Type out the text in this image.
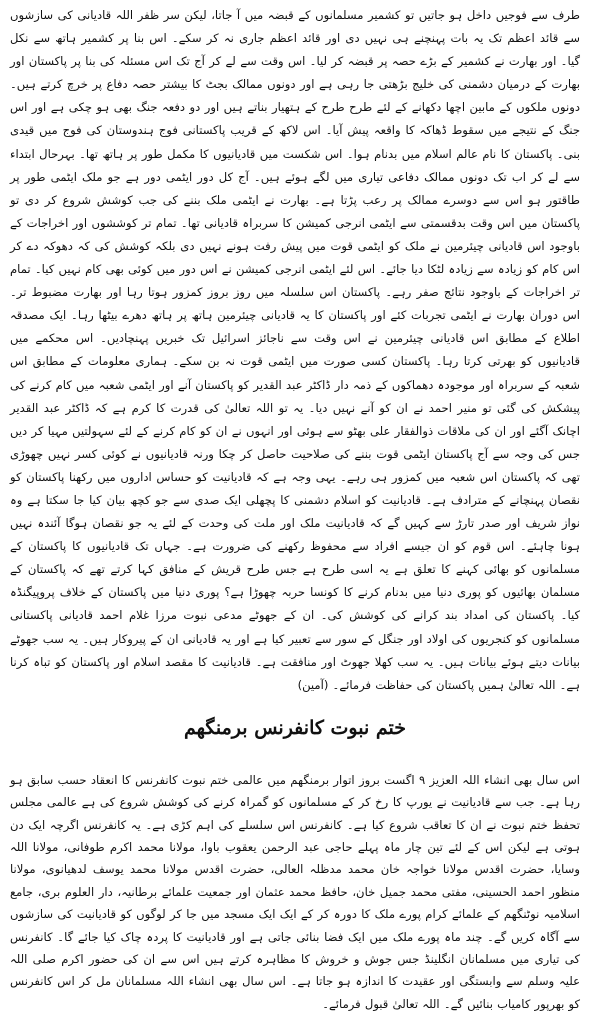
طرف سے فوجیں داخل ہو جاتیں تو کشمیر مسلمانوں کے قبضہ میں آ جاتا، لیکن سر ظفر اللہ قادیانی کی سازشوں سے قائد اعظم تک یہ بات پہنچنے ہی نہیں دی اور قائد اعظم جاری نہ کر سکے۔ اس بنا پر کشمیر ہاتھ سے نکل گیا۔ اور بھارت نے کشمیر کے بڑے حصہ پر قبضہ کر لیا۔ اس وقت سے لے کر آج تک اس مسئلہ کی بنا پر پاکستان اور بھارت کے درمیان دشمنی کی خلیج بڑھتی جا رہی ہے اور دونوں ممالک بجٹ کا بیشتر حصہ دفاع پر خرچ کرتے ہیں۔ دونوں ملکوں کے مابین اچھا دکھانے کے لئے طرح طرح کے ہتھیار بناتے ہیں اور دو دفعہ جنگ بھی ہو چکی ہے اور اس جنگ کے نتیجے میں سقوط ڈھاکہ کا واقعہ پیش آیا۔ اس لاکھ کے قریب پاکستانی فوج ہندوستان کی فوج میں قیدی بنی۔ پاکستان کا نام عالم اسلام میں بدنام ہوا۔ اس شکست میں قادیانیوں کا مکمل طور پر ہاتھ تھا۔ بہرحال ابتداء سے لے کر اب تک دونوں ممالک دفاعی تیاری میں لگے ہوئے ہیں۔ آج کل دور ایٹمی دور ہے جو ملک ایٹمی طور پر طاقتور ہو اس سے دوسرے ممالک پر رعب پڑتا ہے۔ بھارت نے ایٹمی ملک بننے کی جب کوشش شروع کر دی تو پاکستان میں اس وقت بدقسمتی سے ایٹمی انرجی کمیشن کا سربراہ قادیانی تھا۔ تمام تر کوششوں اور اخراجات کے باوجود اس قادیانی چیئرمین نے ملک کو ایٹمی قوت میں پیش رفت ہونے نہیں دی بلکہ کوشش کی کہ دھوکہ دے کر اس کام کو زیادہ سے زیادہ لٹکا دیا جائے۔ اس لئے ایٹمی انرجی کمیشن نے اس دور میں کوئی بھی کام نہیں کیا۔ تمام تر اخراجات کے باوجود نتائج صفر رہے۔ پاکستان اس سلسلہ میں روز بروز کمزور ہوتا رہا اور بھارت مضبوط تر۔ اس دوران بھارت نے ایٹمی تجربات کئے اور پاکستان کا یہ قادیانی چیئرمین ہاتھ پر ہاتھ دھرے بیٹھا رہا۔ ایک مصدقہ اطلاع کے مطابق اس قادیانی چیئرمین نے اس وقت سے ناجائز اسرائیل تک خبریں پہنچادیں۔ اس محکمے میں قادیانیوں کو بھرتی کرتا رہا۔ پاکستان کسی صورت میں ایٹمی قوت نہ بن سکے۔ ہماری معلومات کے مطابق اس شعبہ کے سربراہ اور موجودہ دھماکوں کے ذمہ دار ڈاکٹر عبد القدیر کو پاکستان آنے اور ایٹمی شعبہ میں کام کرنے کی پیشکش کی گئی تو منیر احمد نے ان کو آنے نہیں دیا۔ یہ تو اللہ تعالیٰ کی قدرت کا کرم ہے کہ ڈاکٹر عبد القدیر اچانک آگئے اور ان کی ملاقات ذوالفقار علی بھٹو سے ہوئی اور انہوں نے ان کو کام کرنے کے لئے سہولتیں مہیا کر دیں جس کی وجہ سے آج پاکستان ایٹمی قوت بننے کی صلاحیت حاصل کر چکا ورنہ قادیانیوں نے کوئی کسر نہیں چھوڑی تھی کہ پاکستان اس شعبہ میں کمزور ہی رہے۔ یہی وجہ ہے کہ قادیانیت کو حساس اداروں میں رکھنا پاکستان کو نقصان پہنچانے کے مترادف ہے۔ قادیانیت کو اسلام دشمنی کا پچھلی ایک صدی سے جو کچھ بیان کیا جا سکتا ہے وہ نواز شریف اور صدر تارڑ سے کہیں گے کہ قادیانیت ملک اور ملت کی وحدت کے لئے یہ جو نقصان ہوگا آئندہ نہیں ہونا چاہئے۔ اس قوم کو ان جیسے افراد سے محفوظ رکھنے کی ضرورت ہے۔ جہاں تک قادیانیوں کا پاکستان کے مسلمانوں کو بھائی کہنے کا تعلق ہے یہ اسی طرح ہے جس طرح قریش کے منافق کہا کرتے تھے کہ پاکستان کے مسلمان بھائیوں کو پوری دنیا میں بدنام کرنے کا کونسا حربہ چھوڑا ہے؟ پوری دنیا میں پاکستان کے خلاف پروپیگنڈہ کیا۔ پاکستان کی امداد بند کرانے کی کوشش کی۔ ان کے جھوٹے مدعی نبوت مرزا غلام احمد قادیانی پاکستانی مسلمانوں کو کنجریوں کی اولاد اور جنگل کے سور سے تعبیر کیا ہے اور یہ قادیانی ان کے پیروکار ہیں۔ یہ سب جھوٹے بیانات دیتے ہوئے بیانات ہیں۔ یہ سب کھلا جھوٹ اور منافقت ہے۔ قادیانیت کا مقصد اسلام اور پاکستان کو تباہ کرنا ہے۔ اللہ تعالیٰ ہمیں پاکستان کی حفاظت فرمائے۔ (آمین)

ختم نبوت کانفرنس برمنگھم

اس سال بھی انشاء اللہ العزیز ۹ اگست بروز اتوار برمنگھم میں عالمی ختم نبوت کانفرنس کا انعقاد حسب سابق ہو رہا ہے۔ جب سے قادیانیت نے یورپ کا رخ کر کے مسلمانوں کو گمراہ کرنے کی کوشش شروع کی ہے عالمی مجلس تحفظ ختم نبوت نے ان کا تعاقب شروع کیا ہے۔ کانفرنس اس سلسلے کی اہم کڑی ہے۔ یہ کانفرنس اگرچہ ایک دن ہوتی ہے لیکن اس کے لئے تین چار ماہ پہلے حاجی عبد الرحمن یعقوب باوا، مولانا محمد اکرم طوفانی، مولانا اللہ وسایا، حضرت اقدس مولانا خواجہ خان محمد مدظلہ العالی، حضرت اقدس مولانا محمد یوسف لدھیانوی، مولانا منظور احمد الحسینی، مفتی محمد جمیل خان، حافظ محمد عثمان اور جمعیت علمائے برطانیہ، دار العلوم بری، جامع اسلامیہ نوٹنگھم کے علمائے کرام پورے ملک کا دورہ کر کے ایک ایک مسجد میں جا کر لوگوں کو قادیانیت کی سازشوں سے آگاہ کریں گے۔ چند ماہ پورے ملک میں ایک فضا بنائی جاتی ہے اور قادیانیت کا پردہ چاک کیا جائے گا۔ کانفرنس کی تیاری میں مسلمانان انگلینڈ جس جوش و خروش کا مظاہرہ کرتے ہیں اس سے ان کی حضور اکرم صلی اللہ علیہ وسلم سے وابستگی اور عقیدت کا اندازہ ہو جاتا ہے۔ اس سال بھی انشاء اللہ مسلمانان مل کر اس کانفرنس کو بھرپور کامیاب بنائیں گے۔ اللہ تعالیٰ قبول فرمائے۔
